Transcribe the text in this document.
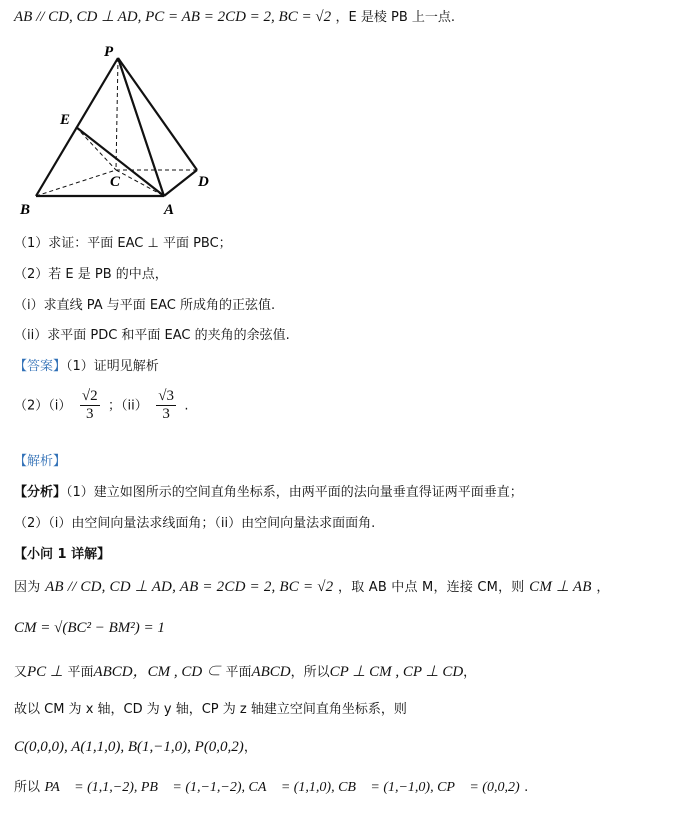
AB // CD, CD ⊥ AD, PC = AB = 2CD = 2, BC = √2 ，E 是棱 PB 上一点.
P
E
C	D
B	A
（1）求证：平面 EAC ⊥ 平面 PBC；
（2）若 E 是 PB 的中点，
（i）求直线 PA 与平面 EAC 所成角的正弦值.
（ii）求平面 PDC 和平面 EAC 的夹角的余弦值.
【答案】（1）证明见解析
$(2)(i) \frac{√2}{3}$ ；$(ii) \frac{√3}{3}$ .
【解析】
【分析】（1）建立如图所示的空间直角坐标系，由两平面的法向量垂直得证两平面垂直；
（2）（i）由空间向量法求线面角；（ii）由空间向量法求面面角.
【小问 1 详解】
因为 AB // CD, CD ⊥ AD, AB = 2CD = 2, BC = √2 ，取 AB 中点 M，连接 CM，则 CM ⊥ AB ，
CM = √(BC² − BM²) = 1
又PC ⊥ 平面ABCD，CM , CD ⊂ 平面ABCD，所以CP ⊥ CM , CP ⊥ CD，
故以 CM 为 x 轴，CD 为 y 轴，CP 为 z 轴建立空间直角坐标系，则
C(0,0,0), A(1,1,0), B(1,−1,0), P(0,0,2)，
所以 PA⃗ = (1,1,−2), PB⃗ = (1,−1,−2), CA⃗ = (1,1,0), CB⃗ = (1,−1,0), CP⃗ = (0,0,2) .
